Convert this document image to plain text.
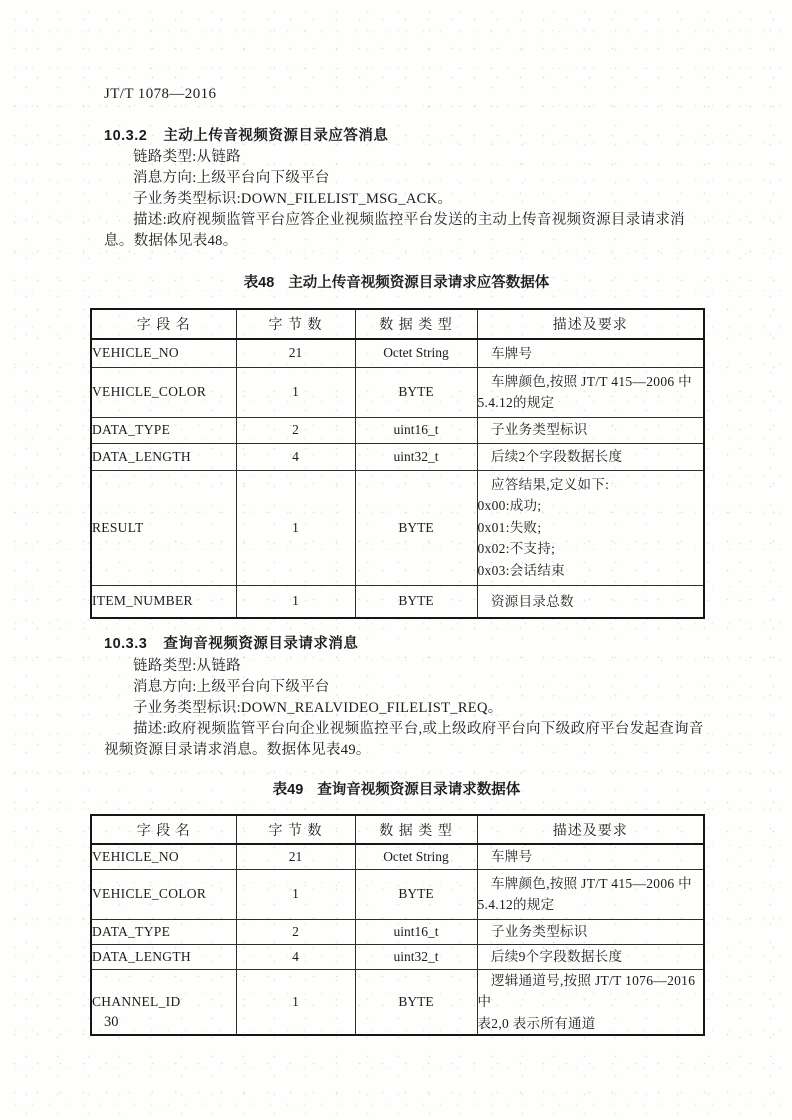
JT/T 1078—2016
10.3.2 主动上传音视频资源目录应答消息

链路类型:从链路

消息方向:上级平台向下级平台

子业务类型标识:DOWN_FILELIST_MSG_ACK。

描述:政府视频监管平台应答企业视频监控平台发送的主动上传音视频资源目录请求消息。数据体见表48。

表48 主动上传音视频资源目录请求应答数据体
字 段 名	字 节 数	数 据 类 型	描述及要求
VEHICLE_NO	21	Octet String	车牌号

VEHICLE_COLOR	1	BYTE	车牌颜色,按照 JT/T 415—2006 中
5.4.12的规定

DATA_TYPE	2	uint16_t	子业务类型标识

DATA_LENGTH	4	uint32_t	后续2个字段数据长度

RESULT	1	BYTE	应答结果,定义如下:
0x00:成功;
0x01:失败;
0x02:不支持;
0x03:会话结束

ITEM_NUMBER	1	BYTE	资源目录总数
10.3.3 查询音视频资源目录请求消息

链路类型:从链路

消息方向:上级平台向下级平台

子业务类型标识:DOWN_REALVIDEO_FILELIST_REQ。

描述:政府视频监管平台向企业视频监控平台,或上级政府平台向下级政府平台发起查询音视频资源目录请求消息。数据体见表49。

表49 查询音视频资源目录请求数据体
字 段 名	字 节 数	数 据 类 型	描述及要求
VEHICLE_NO	21	Octet String	车牌号

VEHICLE_COLOR	1	BYTE	车牌颜色,按照 JT/T 415—2006 中
5.4.12的规定

DATA_TYPE	2	uint16_t	子业务类型标识

DATA_LENGTH	4	uint32_t	后续9个字段数据长度

CHANNEL_ID	1	BYTE	逻辑通道号,按照 JT/T 1076—2016 中
表2,0 表示所有通道
30
